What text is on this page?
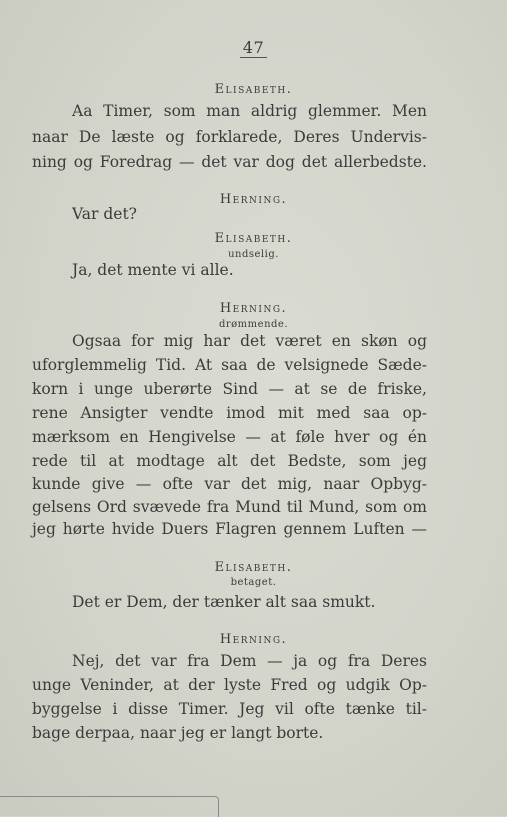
47
Elisabeth.
Aa Timer, som man aldrig glemmer. Men
naar De læste og forklarede, Deres Undervis-
ning og Foredrag — det var dog det allerbedste.
Herning.
Var det?
Elisabeth.
undselig.
Ja, det mente vi alle.
Herning.
drømmende.
Ogsaa for mig har det været en skøn og
uforglemmelig Tid. At saa de velsignede Sæde-
korn i unge uberørte Sind — at se de friske,
rene Ansigter vendte imod mit med saa op-
mærksom en Hengivelse — at føle hver og én
rede til at modtage alt det Bedste, som jeg
kunde give — ofte var det mig, naar Opbyg-
gelsens Ord svævede fra Mund til Mund, som om
jeg hørte hvide Duers Flagren gennem Luften —
Elisabeth.
betaget.
Det er Dem, der tænker alt saa smukt.
Herning.
Nej, det var fra Dem — ja og fra Deres
unge Veninder, at der lyste Fred og udgik Op-
byggelse i disse Timer. Jeg vil ofte tænke til-
bage derpaa, naar jeg er langt borte.
